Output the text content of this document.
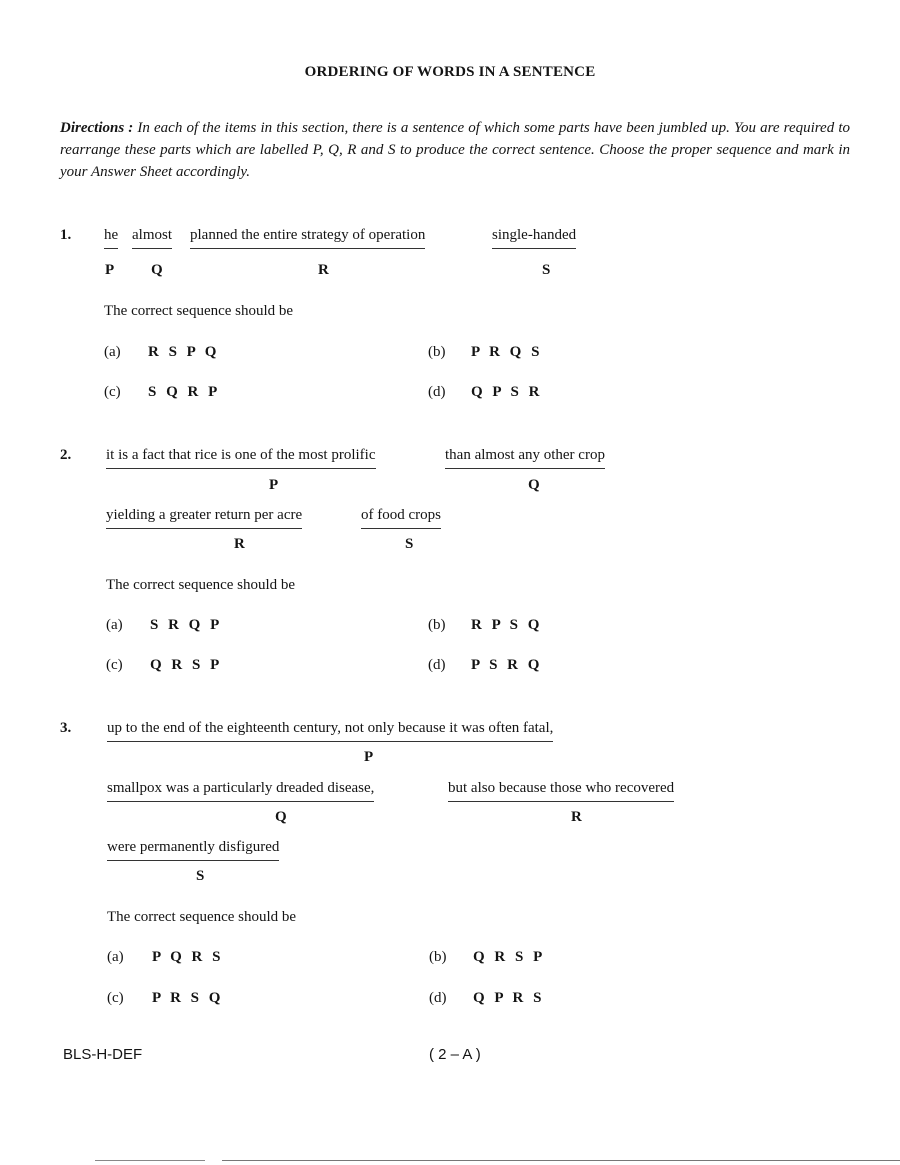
ORDERING OF WORDS IN A SENTENCE
Directions : In each of the items in this section, there is a sentence of which some parts have been jumbled up. You are required to rearrange these parts which are labelled P, Q, R and S to produce the correct sentence. Choose the proper sequence and mark in your Answer Sheet accordingly.
1. he almost planned the entire strategy of operation	single-handed
P Q	R	S
The correct sequence should be
(a) R S P Q	(b) P R Q S
(c) S Q R P	(d) Q P S R
2. it is a fact that rice is one of the most prolific	than almost any other crop
P	Q
yielding a greater return per acre	of food crops
R	S
The correct sequence should be
(a) S R Q P	(b) R P S Q
(c) Q R S P	(d) P S R Q
3. up to the end of the eighteenth century, not only because it was often fatal,
P
smallpox was a particularly dreaded disease,	but also because those who recovered
Q	R
were permanently disfigured
S
The correct sequence should be
(a) P Q R S	(b) Q R S P
(c) P R S Q	(d) Q P R S
BLS-H-DEF	( 2 – A )
